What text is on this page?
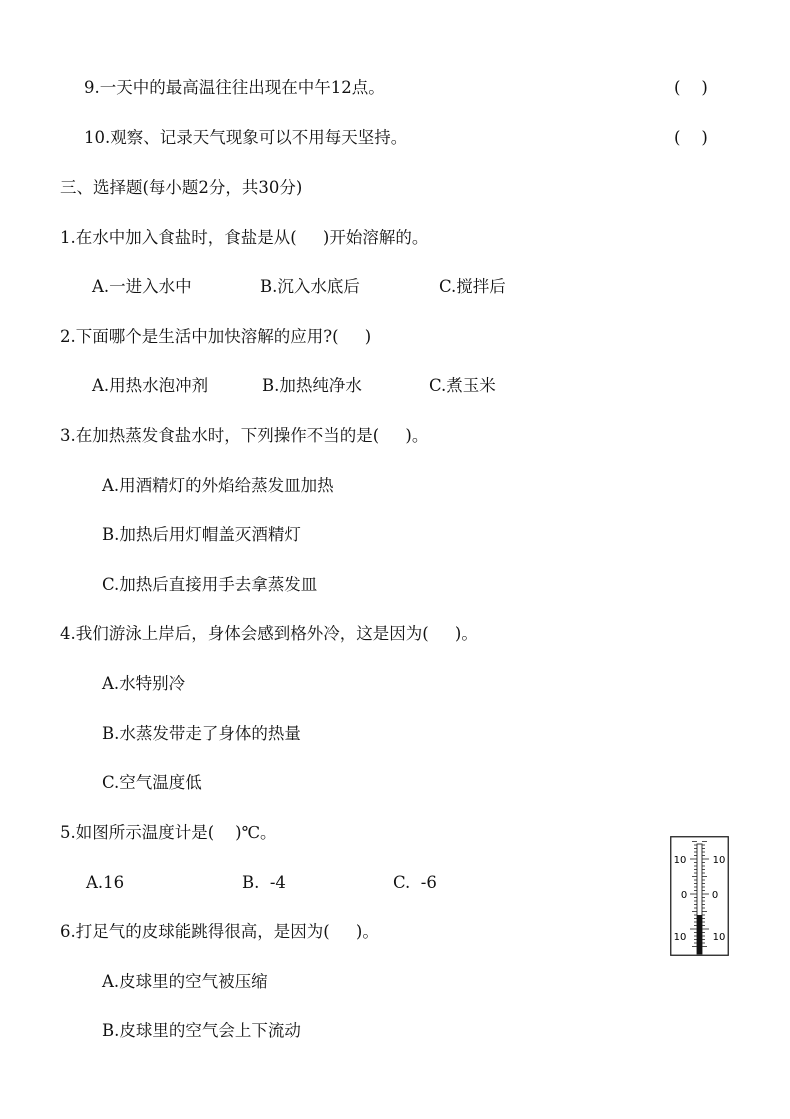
9.一天中的最高温往往出现在中午12点。	(    )
10.观察、记录天气现象可以不用每天坚持。	(    )
三、选择题(每小题2分，共30分)
1.在水中加入食盐时，食盐是从(     )开始溶解的。
A.一进入水中	B.沉入水底后	C.搅拌后
2.下面哪个是生活中加快溶解的应用?(     )
A.用热水泡冲剂	B.加热纯净水	C.煮玉米
3.在加热蒸发食盐水时，下列操作不当的是(     )。
A.用酒精灯的外焰给蒸发皿加热
B.加热后用灯帽盖灭酒精灯
C.加热后直接用手去拿蒸发皿
4.我们游泳上岸后，身体会感到格外冷，这是因为(     )。
A.水特别冷
B.水蒸发带走了身体的热量
C.空气温度低
5.如图所示温度计是(    )℃。
A.16	B.  -4	C.  -6
10
0
10
10
0
10
6.打足气的皮球能跳得很高，是因为(     )。
A.皮球里的空气被压缩
B.皮球里的空气会上下流动
